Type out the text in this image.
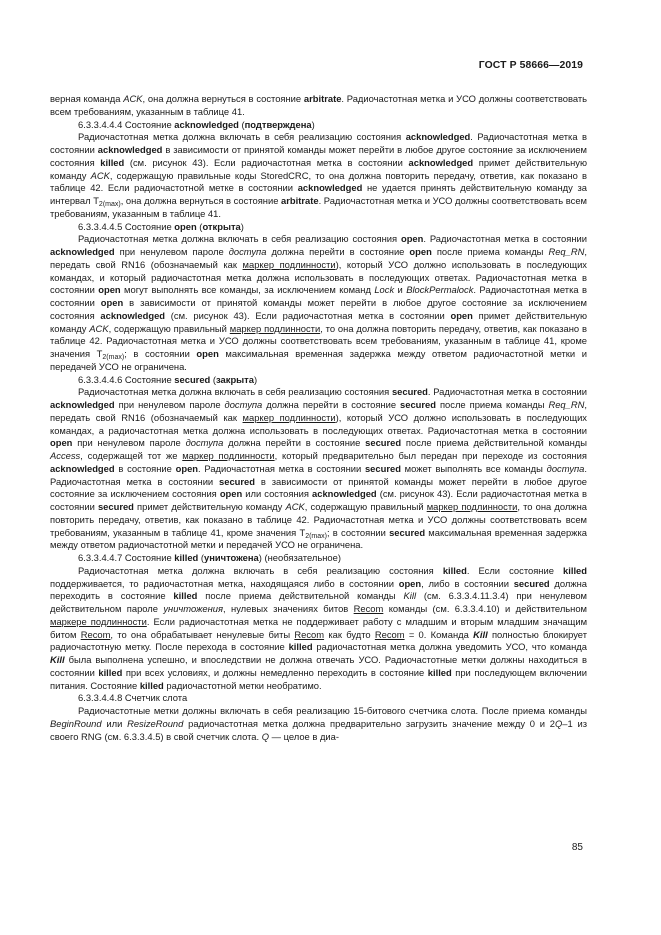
ГОСТ Р 58666—2019

верная команда ACK, она должна вернуться в состояние arbitrate. Радиочастотная метка и УСО должны соответствовать всем требованиям, указанным в таблице 41.

6.3.3.4.4.4 Состояние acknowledged (подтверждена)

Радиочастотная метка должна включать в себя реализацию состояния acknowledged. Радиочастотная метка в состоянии acknowledged в зависимости от принятой команды может перейти в любое другое состояние за исключением состояния killed (см. рисунок 43). Если радиочастотная метка в состоянии acknowledged примет действительную команду ACK, содержащую правильные коды StoredCRC, то она должна повторить передачу, ответив, как показано в таблице 42. Если радиочастотной метке в состоянии acknowledged не удается принять действительную команду за интервал $T_{2(max)}$, она должна вернуться в состояние arbitrate. Радиочастотная метка и УСО должны соответствовать всем требованиям, указанным в таблице 41.

6.3.3.4.4.5 Состояние open (открыта)

Радиочастотная метка должна включать в себя реализацию состояния open. Радиочастотная метка в состоянии acknowledged при ненулевом пароле доступа должна перейти в состояние open после приема команды Req_RN, передать свой RN16 (обозначаемый как маркер подлинности), который УСО должно использовать в последующих командах, и который радиочастотная метка должна использовать в последующих ответах. Радиочастотная метка в состоянии open могут выполнять все команды, за исключением команд Lock и BlockPermalock. Радиочастотная метка в состоянии open в зависимости от принятой команды может перейти в любое другое состояние за исключением состояния acknowledged (см. рисунок 43). Если радиочастотная метка в состоянии open примет действительную команду ACK, содержащую правильный маркер подлинности, то она должна повторить передачу, ответив, как показано в таблице 42. Радиочастотная метка и УСО должны соответствовать всем требованиям, указанным в таблице 41, кроме значения $T_{2(max)}$; в состоянии open максимальная временная задержка между ответом радиочастотной метки и передачей УСО не ограничена.

6.3.3.4.4.6 Состояние secured (закрыта)

Радиочастотная метка должна включать в себя реализацию состояния secured. Радиочастотная метка в состоянии acknowledged при ненулевом пароле доступа должна перейти в состояние secured после приема команды Req_RN, передать свой RN16 (обозначаемый как маркер подлинности), который УСО должно использовать в последующих командах, а радиочастотная метка должна использовать в последующих ответах. Радиочастотная метка в состоянии open при ненулевом пароле доступа должна перейти в состояние secured после приема действительной команды Access, содержащей тот же маркер подлинности, который предварительно был передан при переходе из состояния acknowledged в состояние open. Радиочастотная метка в состоянии secured может выполнять все команды доступа. Радиочастотная метка в состоянии secured в зависимости от принятой команды может перейти в любое другое состояние за исключением состояния open или состояния acknowledged (см. рисунок 43). Если радиочастотная метка в состоянии secured примет действительную команду ACK, содержащую правильный маркер подлинности, то она должна повторить передачу, ответив, как показано в таблице 42. Радиочастотная метка и УСО должны соответствовать всем требованиям, указанным в таблице 41, кроме значения $T_{2(max)}$; в состоянии secured максимальная временная задержка между ответом радиочастотной метки и передачей УСО не ограничена.

6.3.3.4.4.7 Состояние killed (уничтожена) (необязательное)

Радиочастотная метка должна включать в себя реализацию состояния killed. Если состояние killed поддерживается, то радиочастотная метка, находящаяся либо в состоянии open, либо в состоянии secured должна переходить в состояние killed после приема действительной команды Kill (см. 6.3.3.4.11.3.4) при ненулевом действительном пароле уничтожения, нулевых значениях битов Recom команды (см. 6.3.3.4.10) и действительном маркере подлинности. Если радиочастотная метка не поддерживает работу с младшим и вторым младшим значащим битом Recom, то она обрабатывает ненулевые биты Recom как будто Recom = 0. Команда Kill полностью блокирует радиочастотную метку. После перехода в состояние killed радиочастотная метка должна уведомить УСО, что команда Kill была выполнена успешно, и впоследствии не должна отвечать УСО. Радиочастотные метки должны находиться в состоянии killed при всех условиях, и должны немедленно переходить в состояние killed при последующем включении питания. Состояние killed радиочастотной метки необратимо.

6.3.3.4.4.8 Счетчик слота

Радиочастотные метки должны включать в себя реализацию 15-битового счетчика слота. После приема команды BeginRound или ResizeRound радиочастотная метка должна предварительно загрузить значение между 0 и 2Q–1 из своего RNG (см. 6.3.3.4.5) в свой счетчик слота. Q — целое в диа-

85
